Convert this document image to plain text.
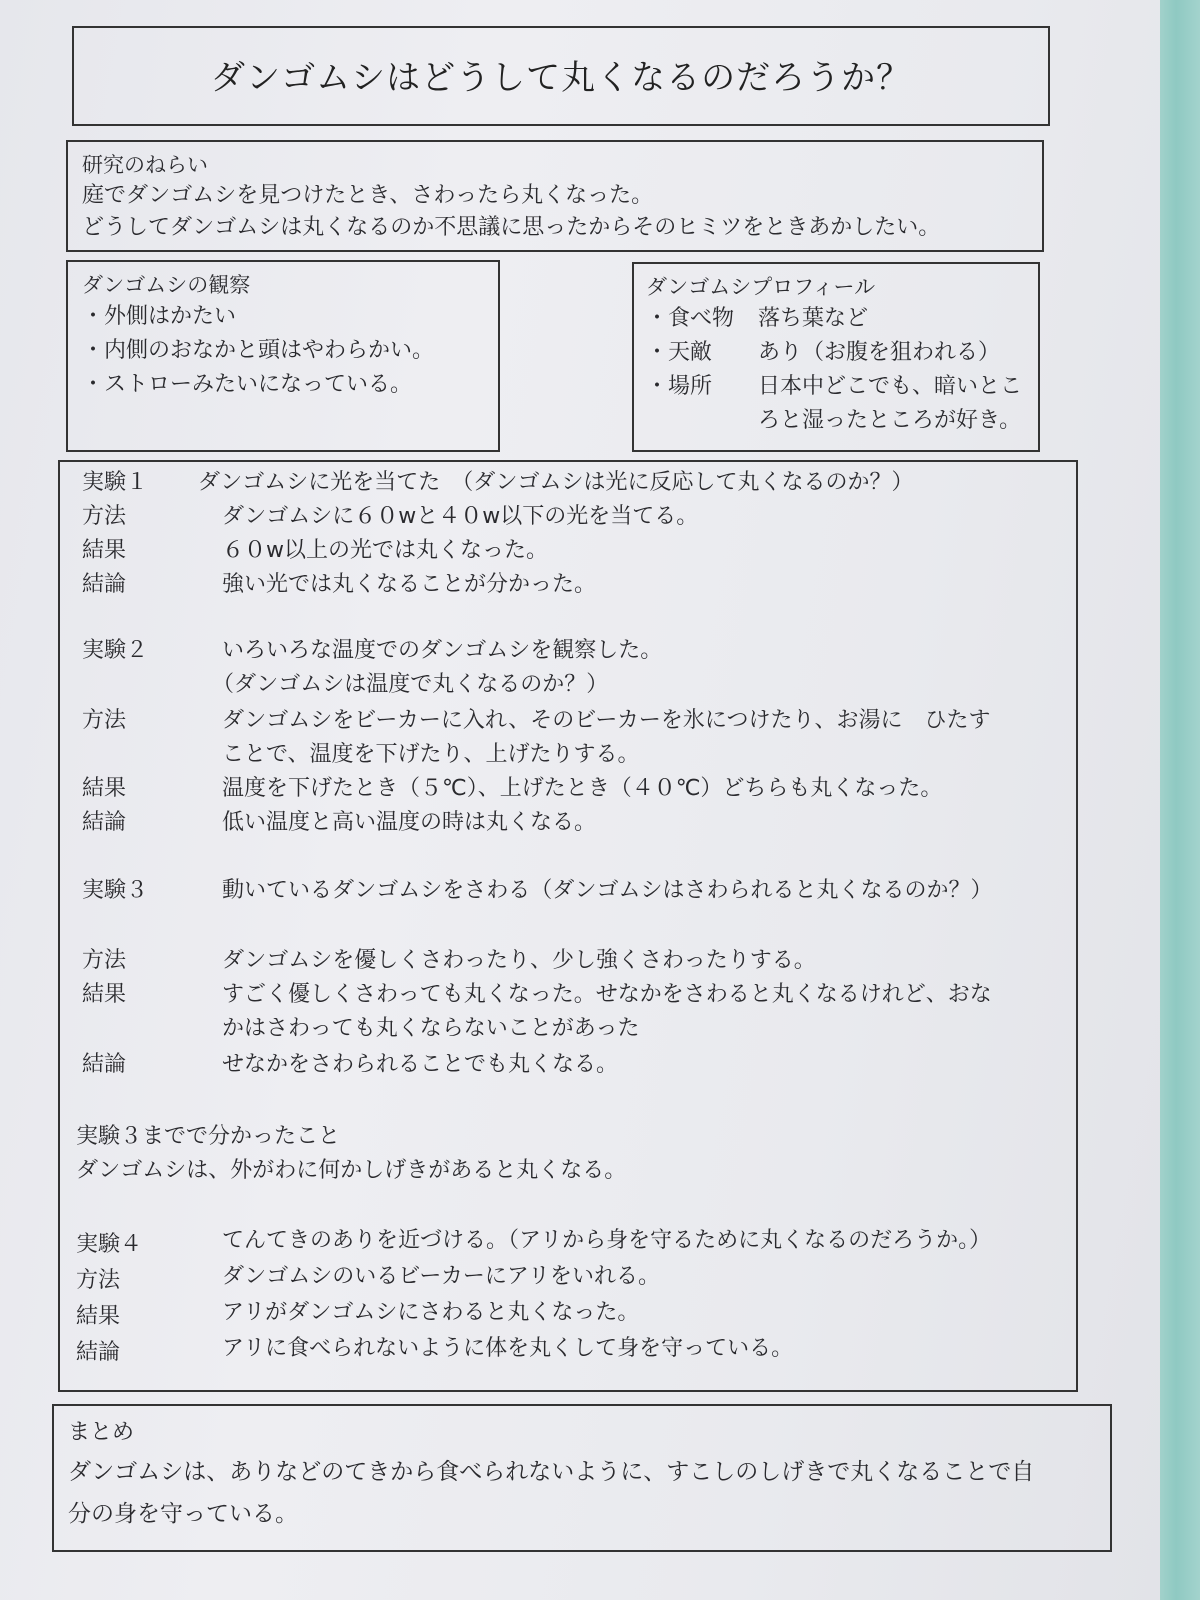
ダンゴムシはどうして丸くなるのだろうか？

研究のねらい

庭でダンゴムシを見つけたとき、さわったら丸くなった。

どうしてダンゴムシは丸くなるのか不思議に思ったからそのヒミツをときあかしたい。

ダンゴムシの観察

・外側はかたい

・内側のおなかと頭はやわらかい。

・ストローみたいになっている。

ダンゴムシプロフィール

・食べ物	落ち葉など
・天敵	あり（お腹を狙われる）
・場所	日本中どこでも、暗いところと湿ったところが好き。
実験１ ダンゴムシに光を当てた　（ダンゴムシは光に反応して丸くなるのか？）
方法	ダンゴムシに６０wと４０w以下の光を当てる。
結果	６０w以上の光では丸くなった。
結論	強い光では丸くなることが分かった。
実験２	いろいろな温度でのダンゴムシを観察した。
（ダンゴムシは温度で丸くなるのか？）
方法	ダンゴムシをビーカーに入れ、そのビーカーを氷につけたり、お湯に　ひたす
ことで、温度を下げたり、上げたりする。
結果	温度を下げたとき（５℃）、上げたとき（４０℃）どちらも丸くなった。
結論	低い温度と高い温度の時は丸くなる。
実験３	動いているダンゴムシをさわる（ダンゴムシはさわられると丸くなるのか？）
方法	ダンゴムシを優しくさわったり、少し強くさわったりする。
結果	すごく優しくさわっても丸くなった。せなかをさわると丸くなるけれど、おな
かはさわっても丸くならないことがあった
結論	せなかをさわられることでも丸くなる。
実験３までで分かったこと
ダンゴムシは、外がわに何かしげきがあると丸くなる。
実験４	てんてきのありを近づける。（アリから身を守るために丸くなるのだろうか。）
方法	ダンゴムシのいるビーカーにアリをいれる。
結果	アリがダンゴムシにさわると丸くなった。
結論	アリに食べられないように体を丸くして身を守っている。

まとめ

ダンゴムシは、ありなどのてきから食べられないように、すこしのしげきで丸くなることで自

分の身を守っている。
